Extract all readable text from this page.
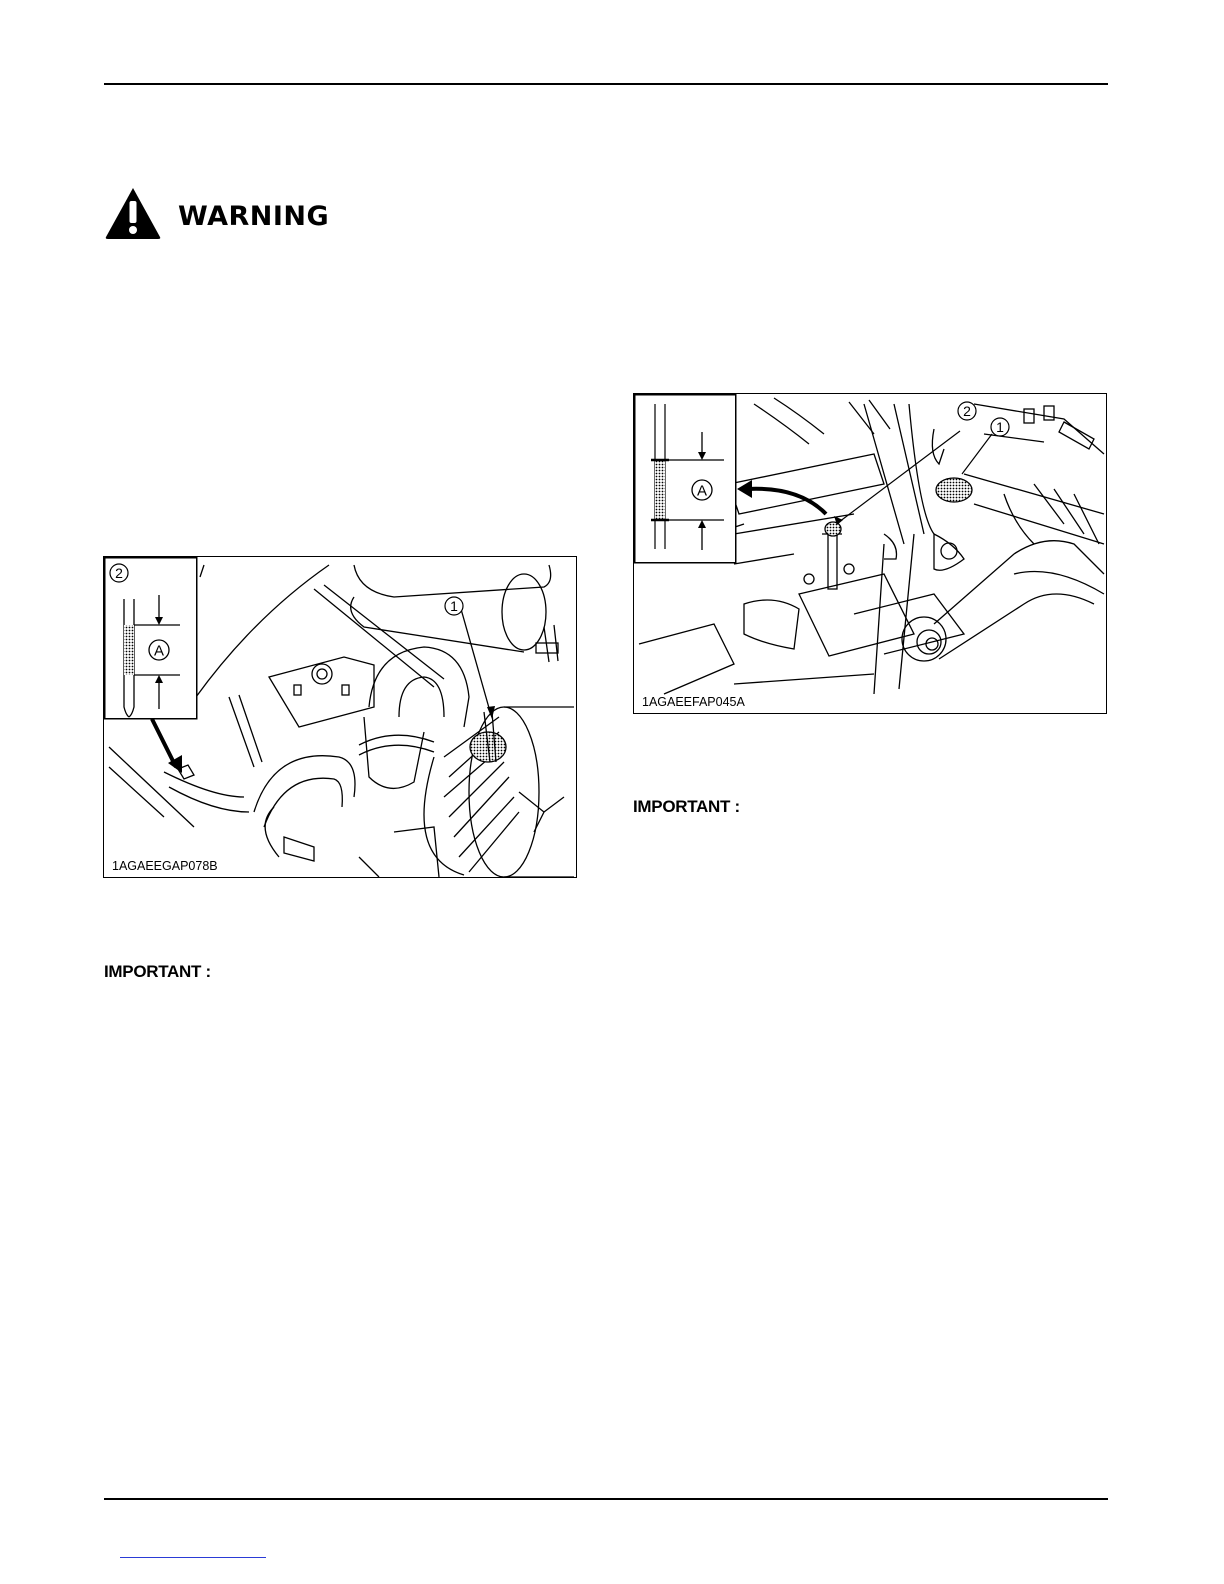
WARNING
A
2
1
1AGAEEGAP078B
A
2
1
1AGAEEFAP045A
IMPORTANT :
IMPORTANT :
